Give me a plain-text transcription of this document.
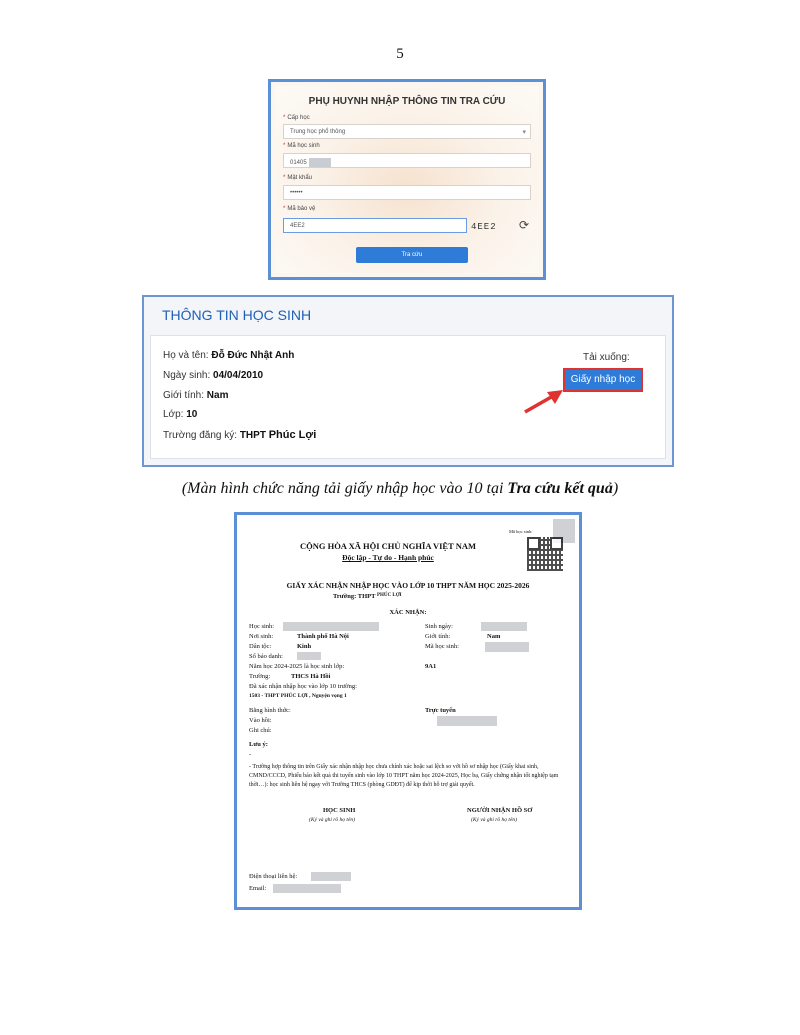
5
PHỤ HUYNH NHẬP THÔNG TIN TRA CỨU
* Cấp học
Trung học phổ thông ▾
* Mã học sinh
01405
* Mật khẩu
••••••
* Mã bảo vệ
4EE2	4EE2 ⟳
Tra cứu
THÔNG TIN HỌC SINH
Họ và tên: Đỗ Đức Nhật Anh
Ngày sinh: 04/04/2010
Giới tính: Nam
Lớp: 10
Trường đăng ký: THPT Phúc Lợi
Tải xuống:
Giấy nhập học
(Màn hình chức năng tải giấy nhập học vào 10 tại Tra cứu kết quả)
Mã học sinh:
CỘNG HÒA XÃ HỘI CHỦ NGHĨA VIỆT NAM
Độc lập - Tự do - Hạnh phúc
GIẤY XÁC NHẬN NHẬP HỌC VÀO LỚP 10 THPT NĂM HỌC 2025-2026
Trường: THPT $^{PHÚC LỢI}$
XÁC NHẬN:
Học sinh:	Sinh ngày:
Nơi sinh:	Thành phố Hà Nội	Giới tính:	Nam
Dân tộc:	Kinh	Mã học sinh:
Số báo danh:
Năm học 2024-2025 là học sinh lớp:	9A1
Trường:	THCS Hà Hồi
Đã xác nhận nhập học vào lớp 10 trường:
1503 - THPT PHÚC LỢI , Nguyện vọng 1
Bằng hình thức:	Trực tuyến
Vào hồi:
Ghi chú:
Lưu ý:
-
- Trường hợp thông tin trên Giấy xác nhận nhập học chưa chính xác hoặc sai lệch so với hồ sơ nhập học (Giấy khai sinh, CMND/CCCD, Phiếu báo kết quả thi tuyển sinh vào lớp 10 THPT năm học 2024-2025, Học bạ, Giấy chứng nhận tốt nghiệp tạm thời…): học sinh liên hệ ngay với Trường THCS (phòng GDĐT) để kịp thời hỗ trợ giải quyết.
HỌC SINH
(Ký và ghi rõ họ tên)
NGƯỜI NHẬN HỒ SƠ
(Ký và ghi rõ họ tên)
Điện thoại liên hệ:
Email:
